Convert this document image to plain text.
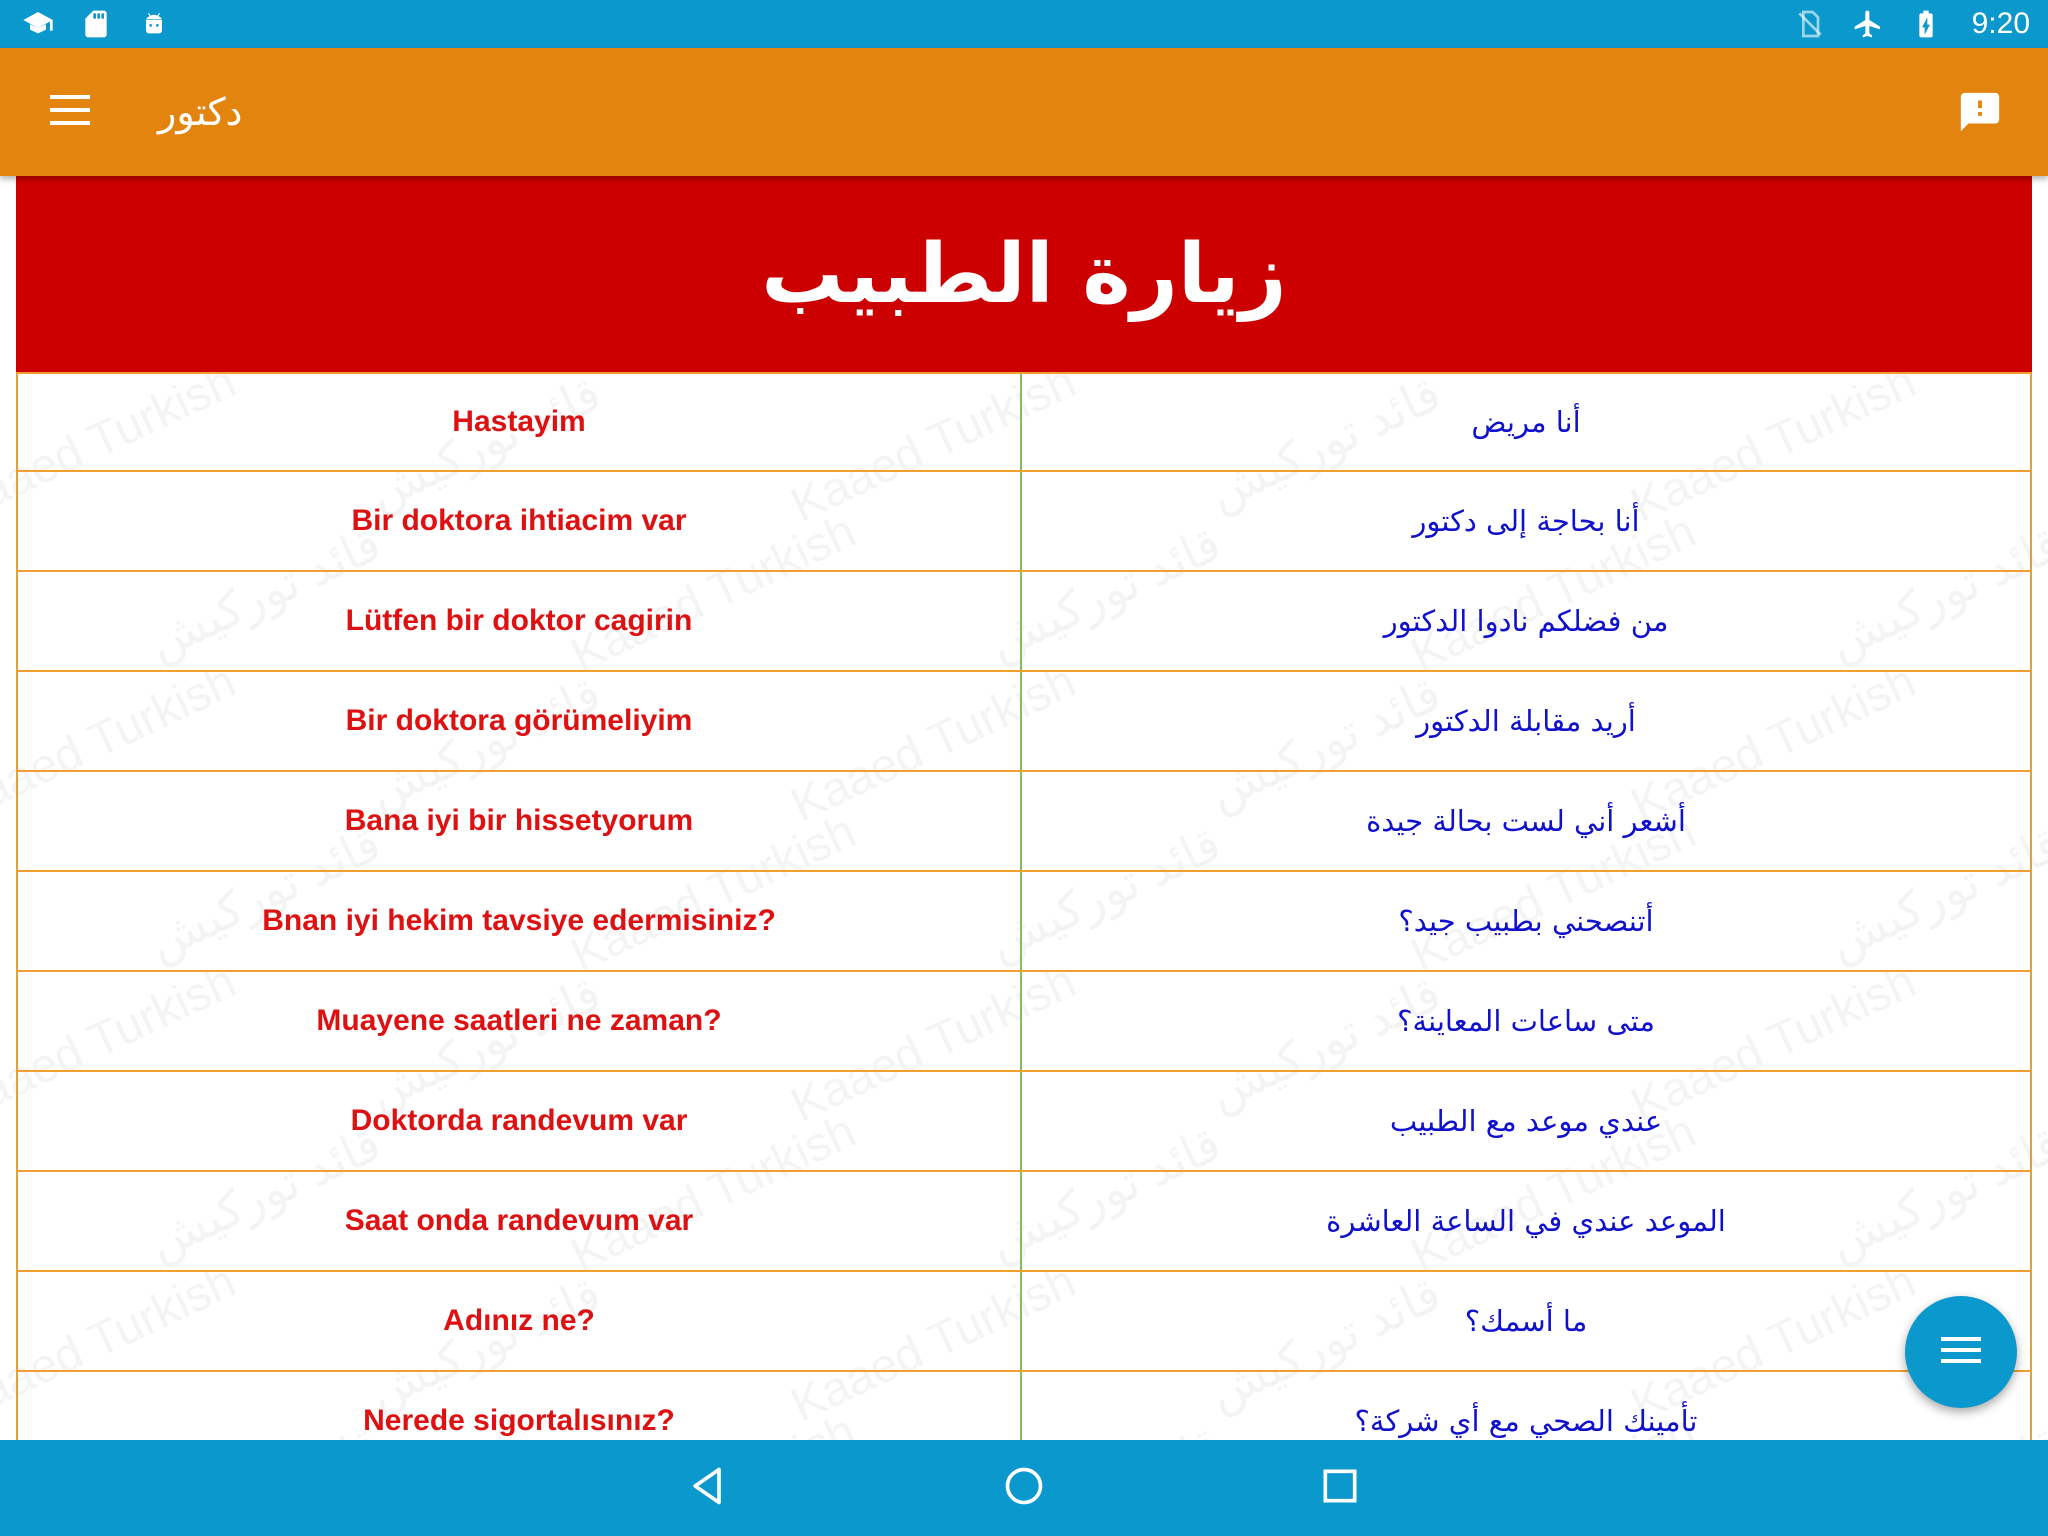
9:20
دكتور
زيارة الطبيب
Hastayim	أنا مريض
Bir doktora ihtiacim var	أنا بحاجة إلى دكتور
Lütfen bir doktor cagirin	من فضلكم نادوا الدكتور
Bir doktora görümeliyim	أريد مقابلة الدكتور
Bana iyi bir hissetyorum	أشعر أني لست بحالة جيدة
Bnan iyi hekim tavsiye edermisiniz?	أتنصحني بطبيب جيد؟
Muayene saatleri ne zaman?	متى ساعات المعاينة؟
Doktorda randevum var	عندي موعد مع الطبيب
Saat onda randevum var	الموعد عندي في الساعة العاشرة
Adınız ne?	ما أسمك؟
Nerede sigortalısınız?	تأمينك الصحي مع أي شركة؟
